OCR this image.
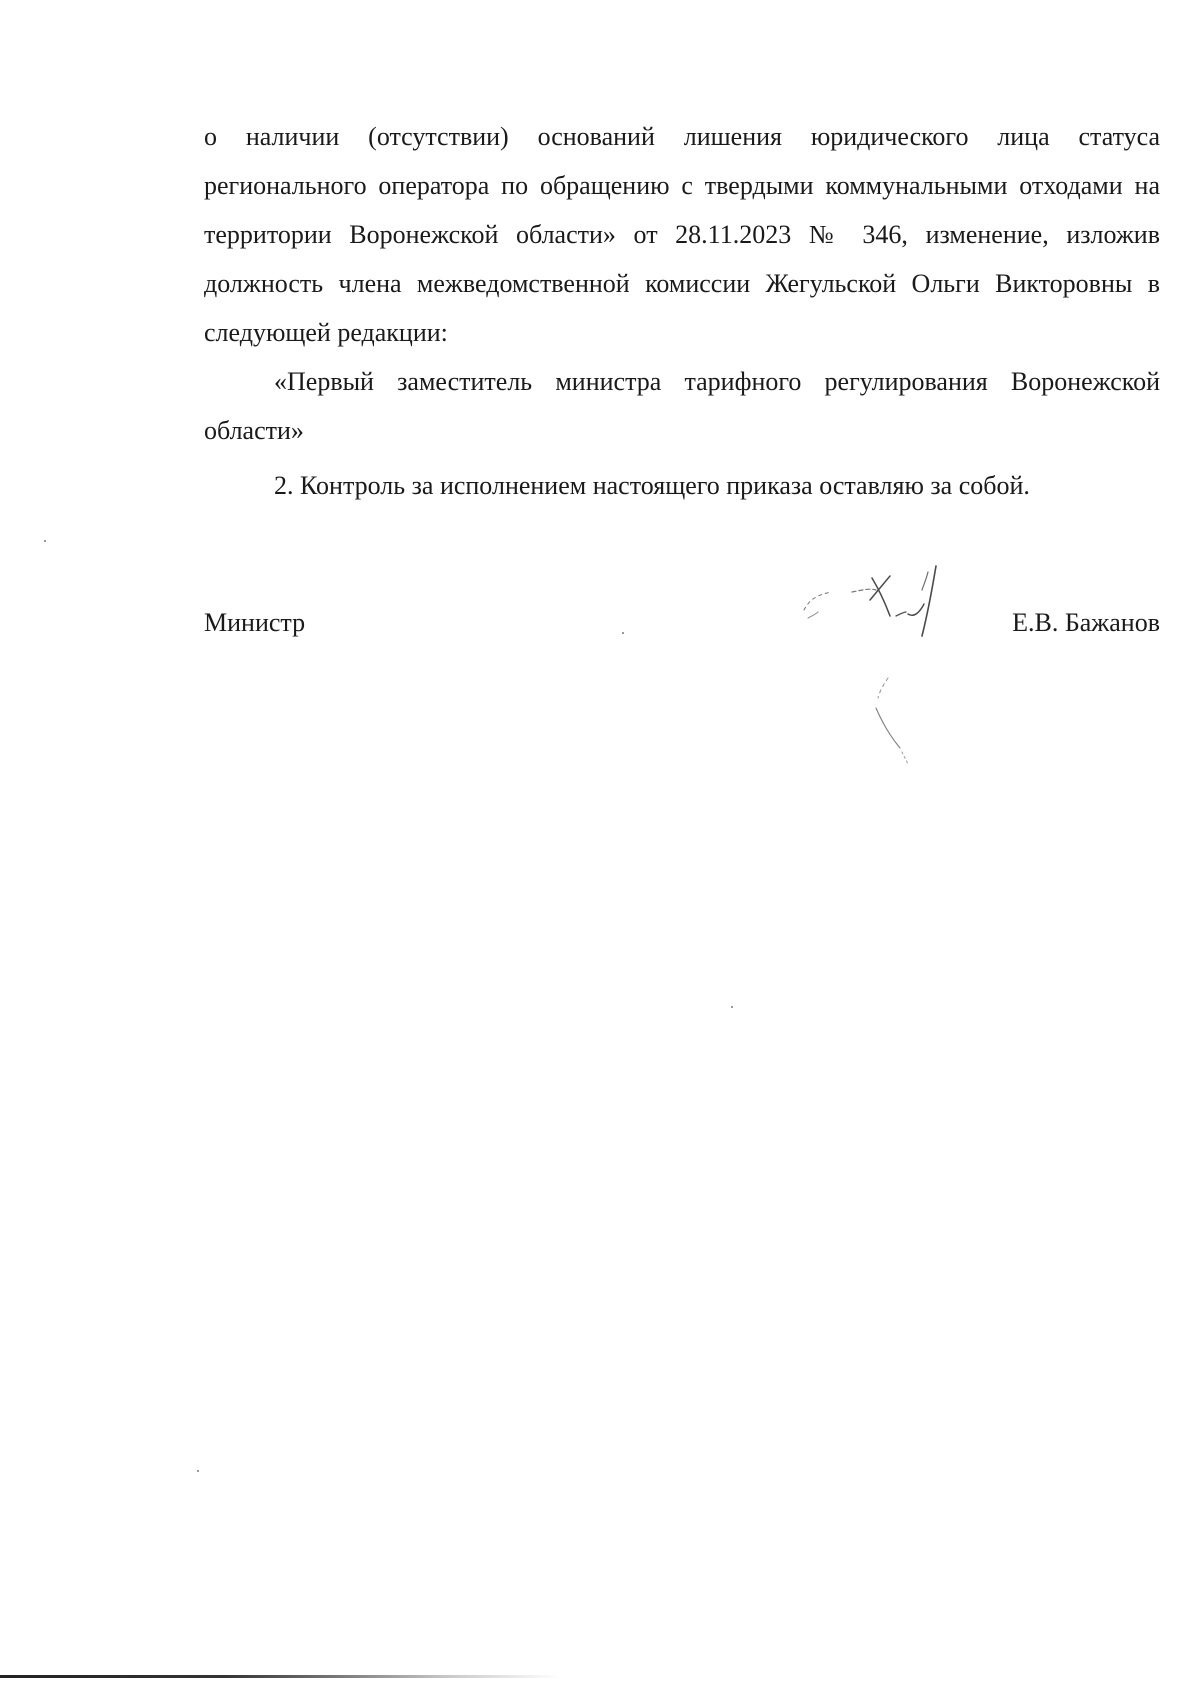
о наличии (отсутствии) оснований лишения юридического лица статуса регионального оператора по обращению с твердыми коммунальными отходами на территории Воронежской области» от 28.11.2023 № 346, изменение, изложив должность члена межведомственной комиссии Жегульской Ольги Викторовны в следующей редакции:

«Первый заместитель министра тарифного регулирования Воронежской области»

2. Контроль за исполнением настоящего приказа оставляю за собой.

Министр	Е.В. Бажанов
